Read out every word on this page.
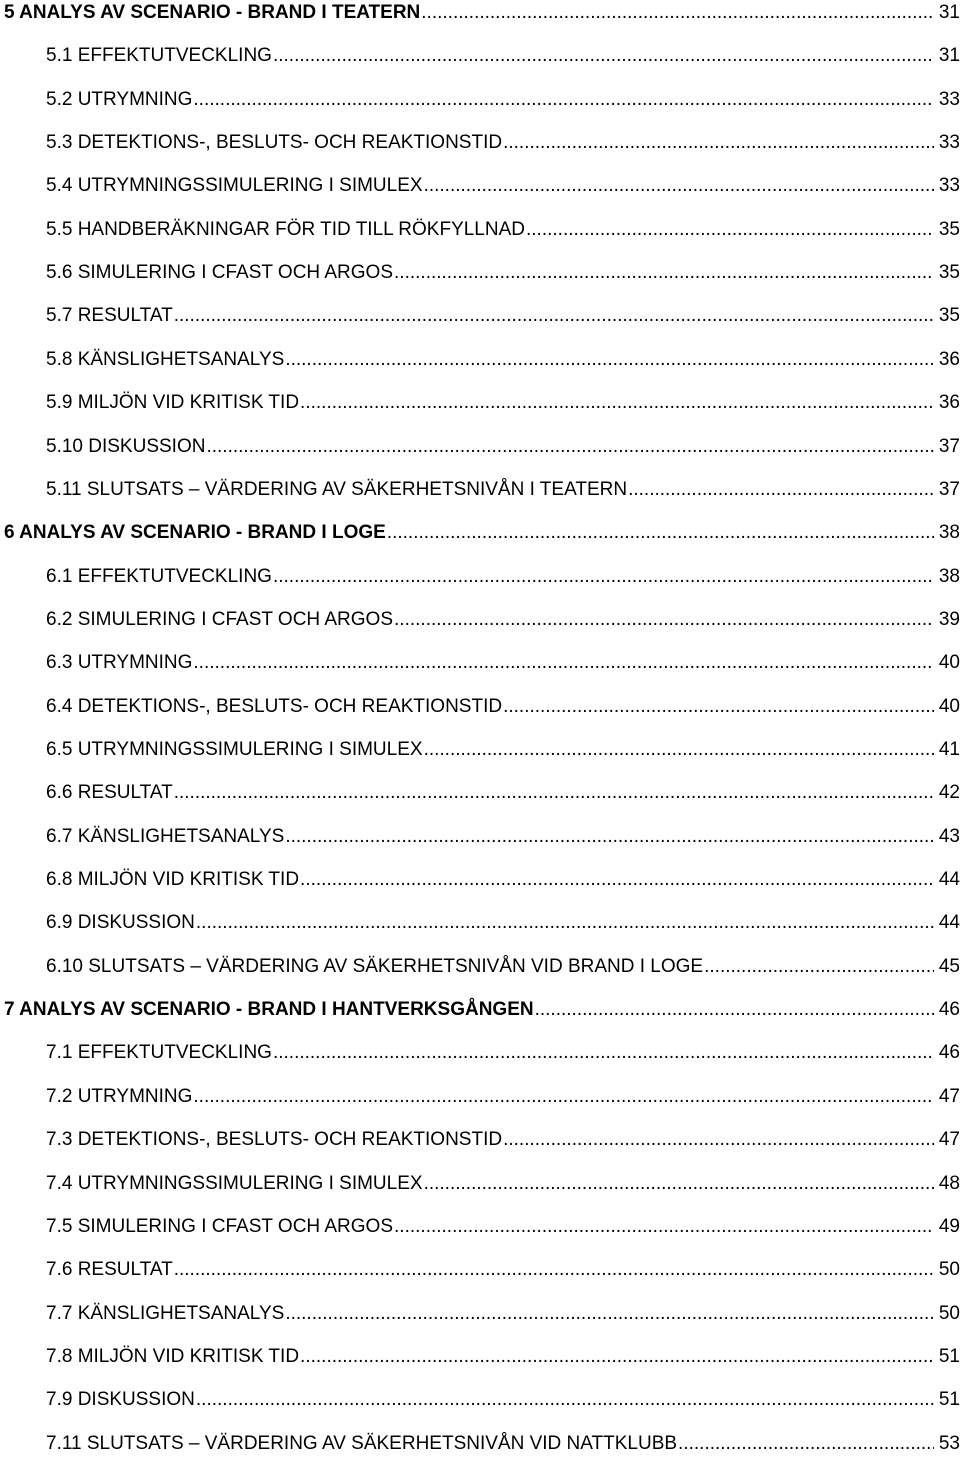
5 ANALYS AV SCENARIO - BRAND I TEATERN .....	31
5.1 EFFEKTUTVECKLING .....	31
5.2 UTRYMNING .....	33
5.3 DETEKTIONS-, BESLUTS- OCH REAKTIONSTID .....	33
5.4 UTRYMNINGSSIMULERING I SIMULEX .....	33
5.5 HANDBERÄKNINGAR FÖR TID TILL RÖKFYLLNAD .....	35
5.6 SIMULERING I CFAST OCH ARGOS .....	35
5.7 RESULTAT .....	35
5.8 KÄNSLIGHETSANALYS .....	36
5.9 MILJÖN VID KRITISK TID .....	36
5.10 DISKUSSION .....	37
5.11 SLUTSATS – VÄRDERING AV SÄKERHETSNIVÅN I TEATERN .....	37
6 ANALYS AV SCENARIO - BRAND I LOGE .....	38
6.1 EFFEKTUTVECKLING .....	38
6.2 SIMULERING I CFAST OCH ARGOS .....	39
6.3 UTRYMNING .....	40
6.4 DETEKTIONS-, BESLUTS- OCH REAKTIONSTID .....	40
6.5 UTRYMNINGSSIMULERING I SIMULEX .....	41
6.6 RESULTAT .....	42
6.7 KÄNSLIGHETSANALYS .....	43
6.8 MILJÖN VID KRITISK TID .....	44
6.9 DISKUSSION .....	44
6.10 SLUTSATS – VÄRDERING AV SÄKERHETSNIVÅN VID BRAND I LOGE .....	45
7 ANALYS AV SCENARIO - BRAND I HANTVERKSGÅNGEN .....	46
7.1 EFFEKTUTVECKLING .....	46
7.2 UTRYMNING .....	47
7.3 DETEKTIONS-, BESLUTS- OCH REAKTIONSTID .....	47
7.4 UTRYMNINGSSIMULERING I SIMULEX .....	48
7.5 SIMULERING I CFAST OCH ARGOS .....	49
7.6 RESULTAT .....	50
7.7 KÄNSLIGHETSANALYS .....	50
7.8 MILJÖN VID KRITISK TID .....	51
7.9 DISKUSSION .....	51
7.11 SLUTSATS – VÄRDERING AV SÄKERHETSNIVÅN VID NATTKLUBB .....	53
